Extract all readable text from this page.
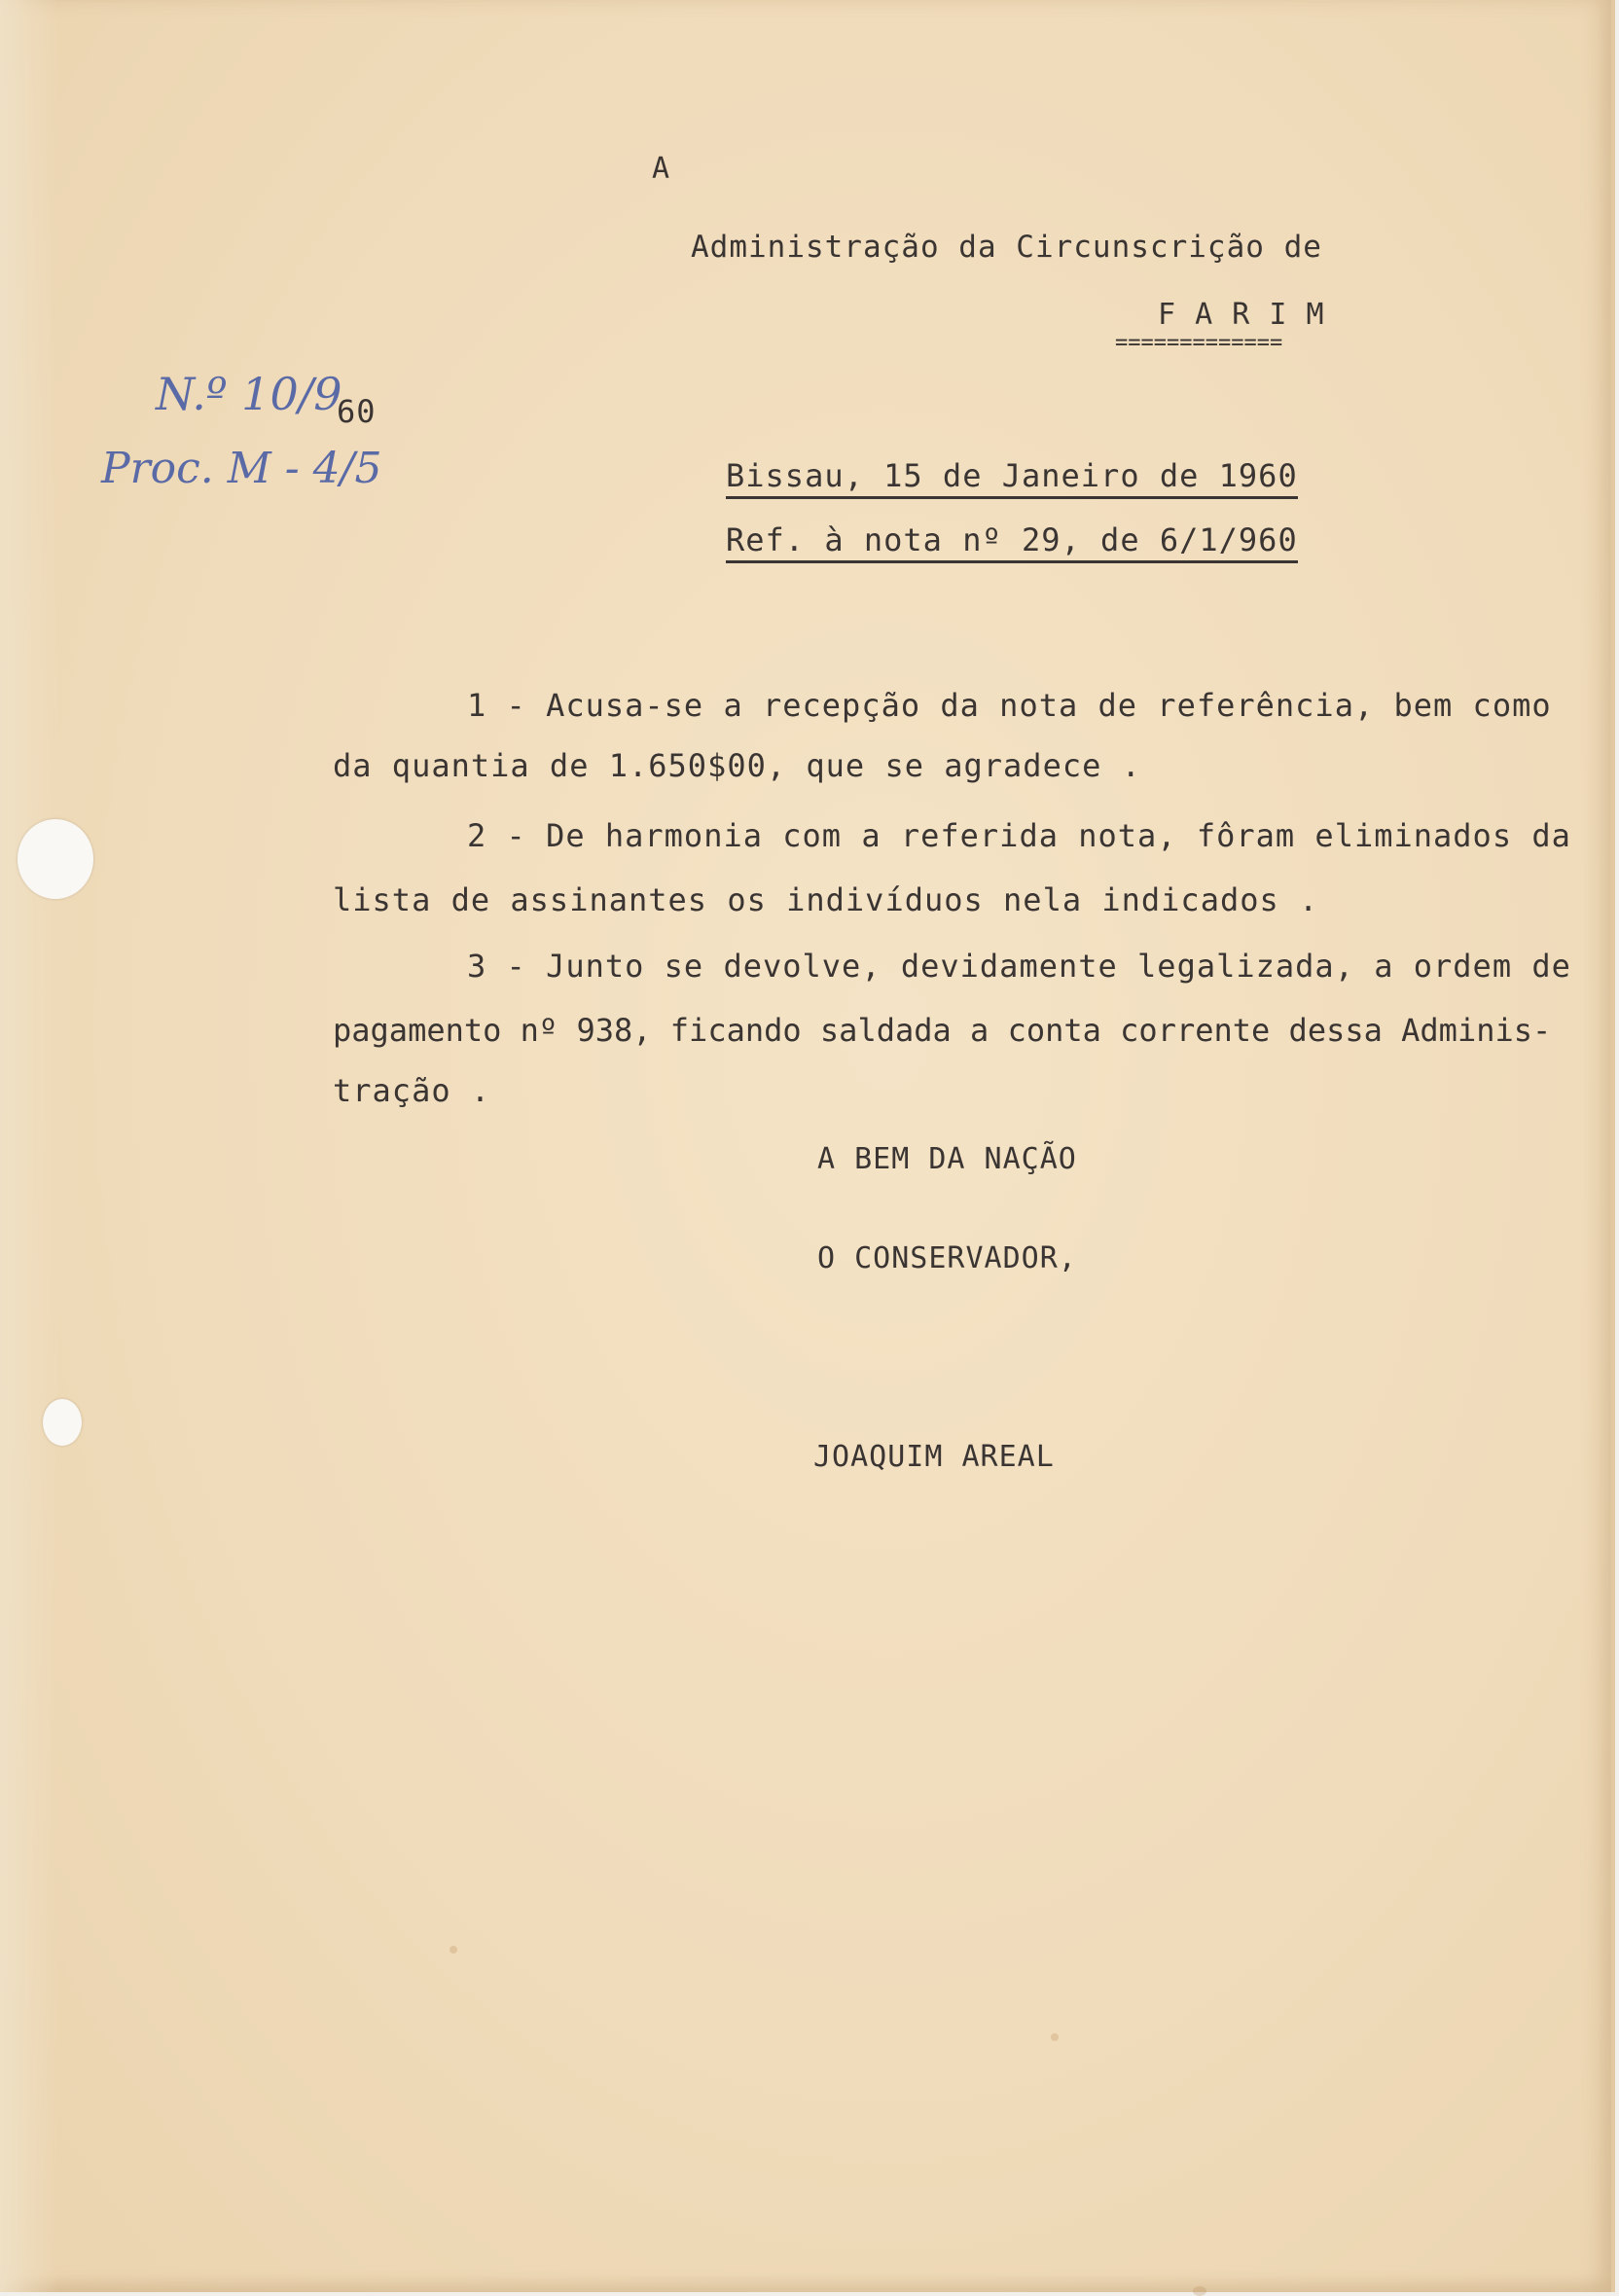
A
Administração da Circunscrição de
F A R I M
=============
N.º 10/9
60
Proc. M - 4/5	Bissau, 15 de Janeiro de 1960
Ref. à nota nº 29, de 6/1/960
1 - Acusa-se a recepção da nota de referência, bem como
da quantia de 1.650$00, que se agradece .
2 - De harmonia com a referida nota, fôram eliminados da
lista de assinantes os indivíduos nela indicados .
3 - Junto se devolve, devidamente legalizada, a ordem de
pagamento nº 938, ficando saldada a conta corrente dessa Adminis-
tração .
A BEM DA NAÇÃO
O CONSERVADOR,
JOAQUIM AREAL
